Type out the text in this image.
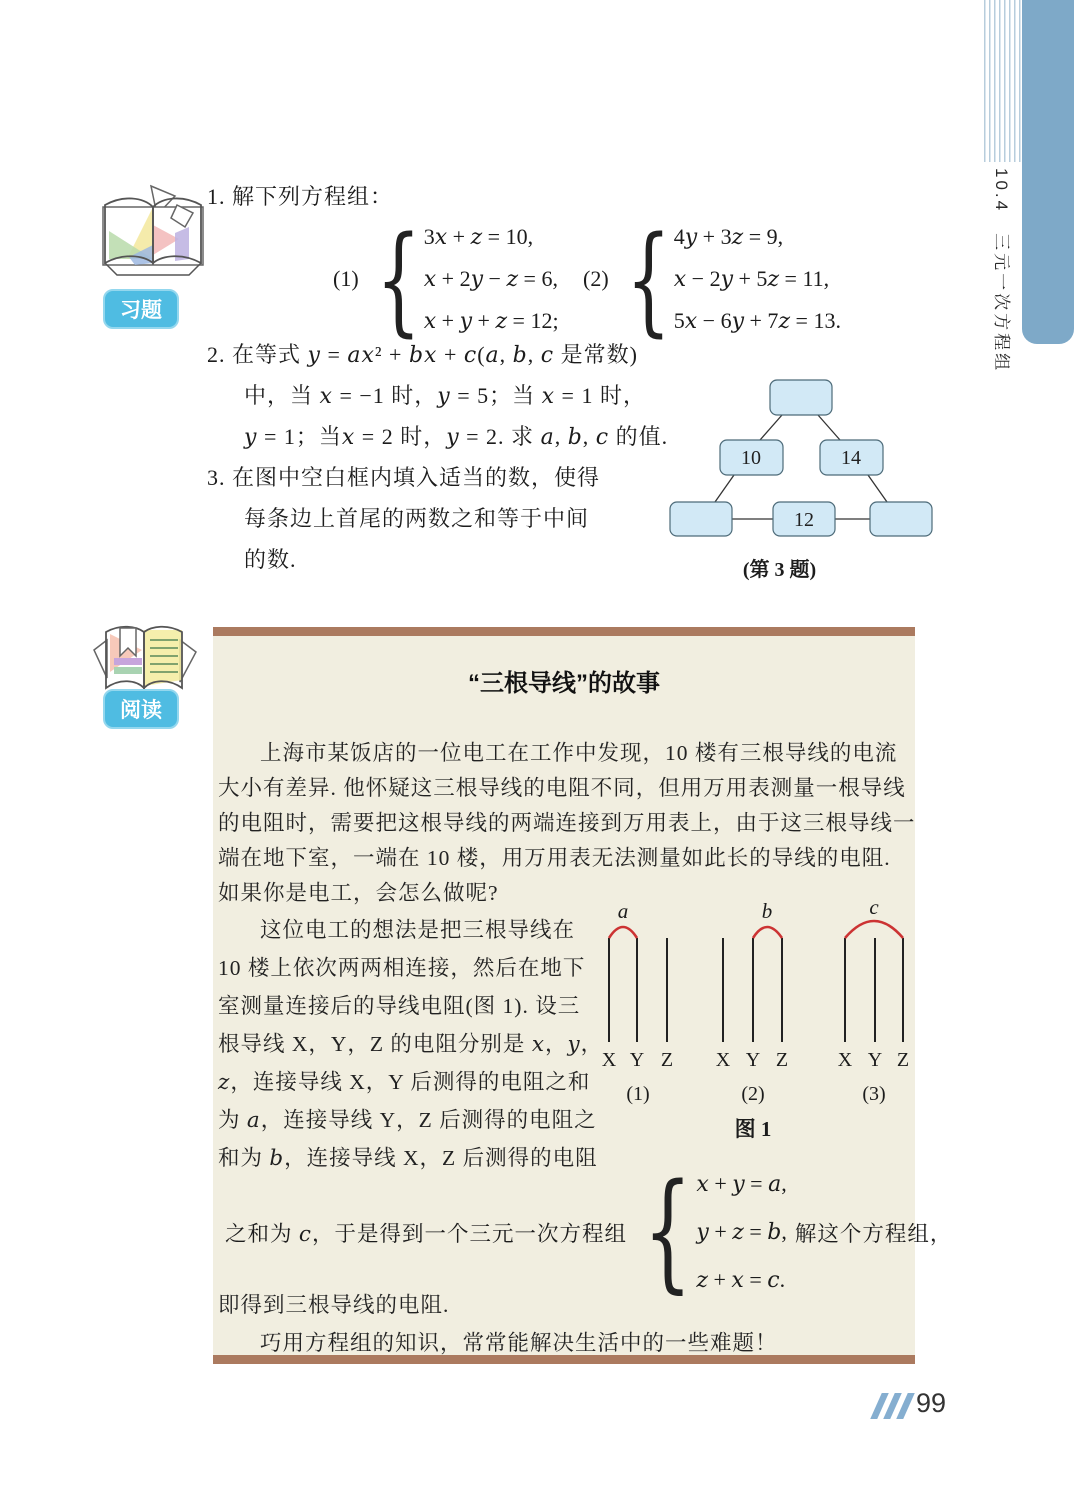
10.4　三元一次方程组
习题
1. 解下列方程组：
(1)
{
3x + z = 10,
x + 2y − z = 6,
x + y + z = 12;
(2)
{
4y + 3z = 9,
x − 2y + 5z = 11,
5x − 6y + 7z = 13.
2. 在等式 y = ax² + bx + c(a, b, c 是常数)
中，当 x = −1 时，y = 5；当 x = 1 时，
y = 1；当x = 2 时，y = 2. 求 a, b, c 的值.
3. 在图中空白框内填入适当的数，使得
每条边上首尾的两数之和等于中间
的数.
10	14
12
(第 3 题)
阅读
“三根导线”的故事
上海市某饭店的一位电工在工作中发现，10 楼有三根导线的电流
大小有差异. 他怀疑这三根导线的电阻不同，但用万用表测量一根导线
的电阻时，需要把这根导线的两端连接到万用表上，由于这三根导线一
端在地下室，一端在 10 楼，用万用表无法测量如此长的导线的电阻.
如果你是电工，会怎么做呢?
这位电工的想法是把三根导线在
10 楼上依次两两相连接，然后在地下
室测量连接后的导线电阻(图 1). 设三
根导线 X，Y，Z 的电阻分别是 x，y，
z，连接导线 X，Y 后测得的电阻之和
为 a，连接导线 Y，Z 后测得的电阻之
和为 b，连接导线 X，Z 后测得的电阻
a	b	c
X Y Z X Y Z X Y Z
(1)	(2)	(3)
图 1
之和为 c，于是得到一个三元一次方程组
{
x + y = a,
y + z = b,
z + x = c.
解这个方程组，
即得到三根导线的电阻.
巧用方程组的知识，常常能解决生活中的一些难题！
99
